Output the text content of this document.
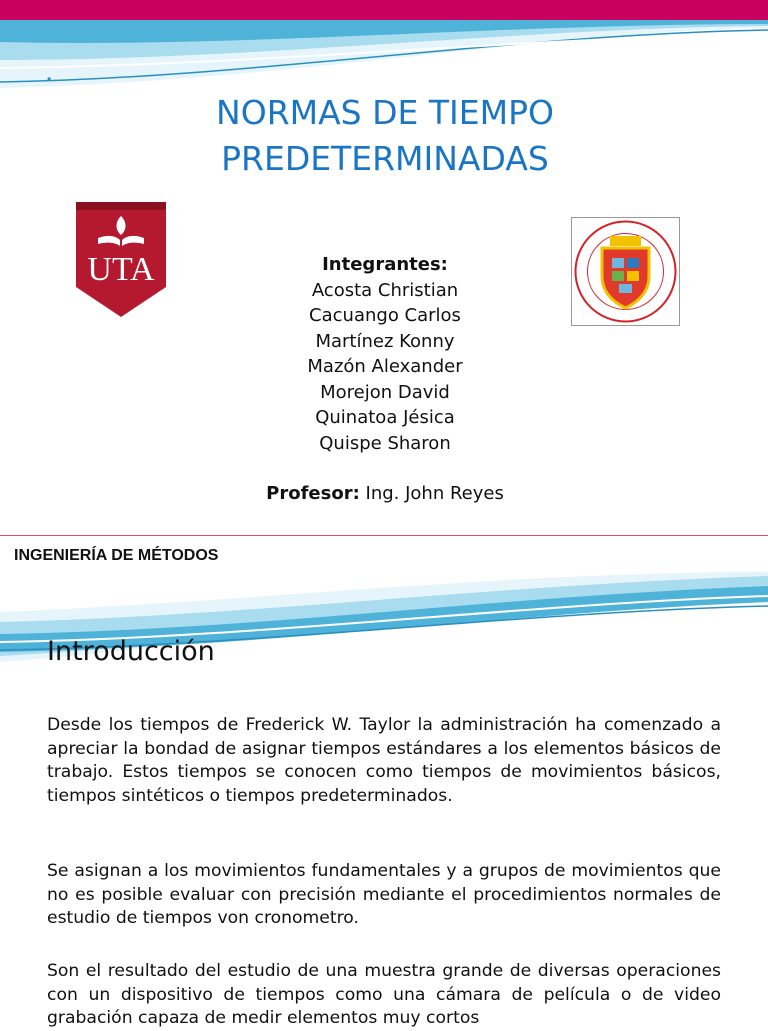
•
NORMAS DE TIEMPO
PREDETERMINADAS
UTA	Integrantes:
Acosta Christian
Cacuango Carlos
Martínez Konny
Mazón Alexander
Morejon David
Quinatoa Jésica
Quispe Sharon
Profesor: Ing. John Reyes
INGENIERÍA DE MÉTODOS
Introducción
Desde los tiempos de Frederick W. Taylor la administración ha comenzado a apreciar la bondad de asignar tiempos estándares a los elementos básicos de trabajo. Estos tiempos se conocen como tiempos de movimientos básicos, tiempos sintéticos o tiempos predeterminados.
Se asignan a los movimientos fundamentales y a grupos de movimientos que no es posible evaluar con precisión mediante el procedimientos normales de estudio de tiempos von cronometro.
Son el resultado del estudio de una muestra grande de diversas operaciones con un dispositivo de tiempos como una cámara de película o de video grabación capaza de medir elementos muy cortos
